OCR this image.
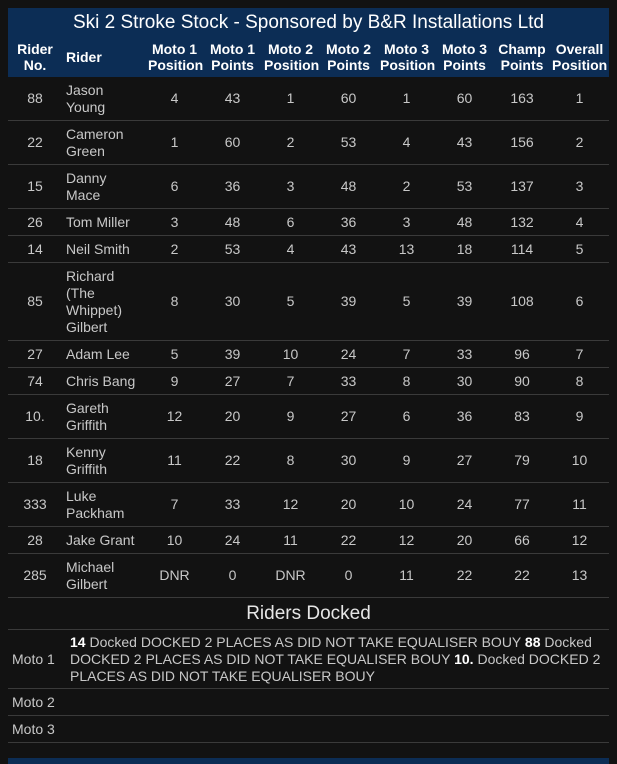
Ski 2 Stroke Stock - Sponsored by B&R Installations Ltd
Rider No.	Rider	Moto 1 Position	Moto 1 Points	Moto 2 Position	Moto 2 Points	Moto 3 Position	Moto 3 Points	Champ Points	Overall Position
88	Jason Young	4	43	1	60	1	60	163	1
22	Cameron Green	1	60	2	53	4	43	156	2
15	Danny Mace	6	36	3	48	2	53	137	3
26	Tom Miller	3	48	6	36	3	48	132	4
14	Neil Smith	2	53	4	43	13	18	114	5
85	Richard (The Whippet) Gilbert	8	30	5	39	5	39	108	6
27	Adam Lee	5	39	10	24	7	33	96	7
74	Chris Bang	9	27	7	33	8	30	90	8
10.	Gareth Griffith	12	20	9	27	6	36	83	9
18	Kenny Griffith	11	22	8	30	9	27	79	10
333	Luke Packham	7	33	12	20	10	24	77	11
28	Jake Grant	10	24	11	22	12	20	66	12
285	Michael Gilbert	DNR	0	DNR	0	11	22	22	13
Riders Docked
Moto 1
14 Docked DOCKED 2 PLACES AS DID NOT TAKE EQUALISER BOUY 88 Docked DOCKED 2 PLACES AS DID NOT TAKE EQUALISER BOUY 10. Docked DOCKED 2 PLACES AS DID NOT TAKE EQUALISER BOUY
Moto 2
Moto 3
